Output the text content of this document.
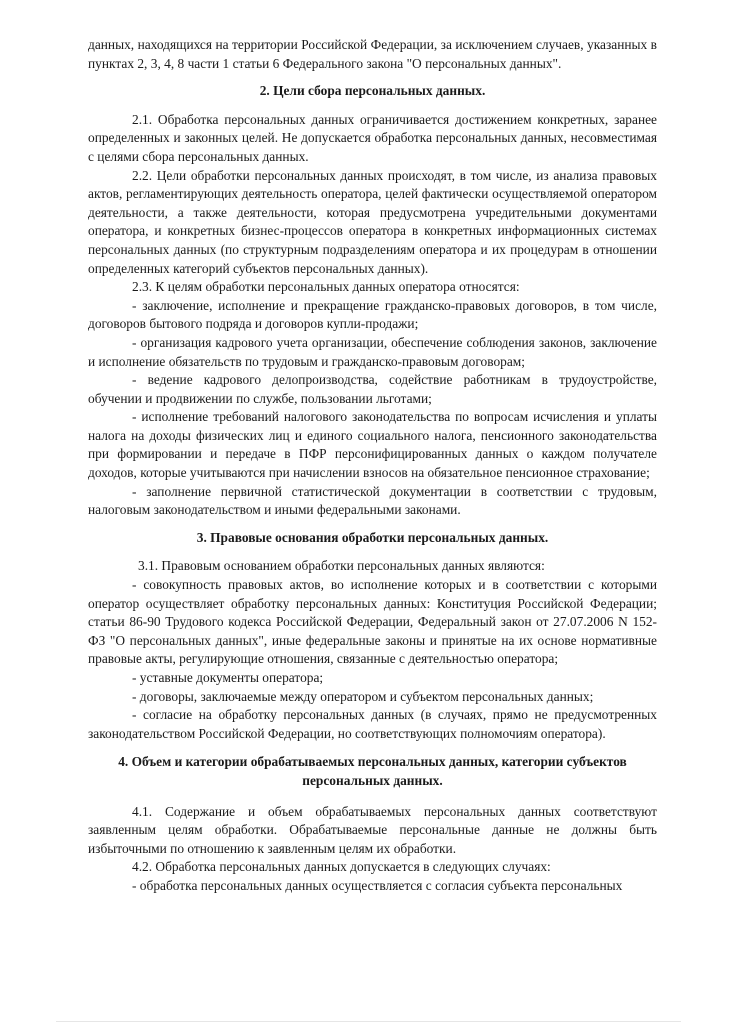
данных, находящихся на территории Российской Федерации, за исключением случаев, указанных в пунктах 2, 3, 4, 8 части 1 статьи 6 Федерального закона "О персональных данных".

2. Цели сбора персональных данных.

2.1. Обработка персональных данных ограничивается достижением конкретных, заранее определенных и законных целей. Не допускается обработка персональных данных, несовместимая с целями сбора персональных данных.

2.2. Цели обработки персональных данных происходят, в том числе, из анализа правовых актов, регламентирующих деятельность оператора, целей фактически осуществляемой оператором деятельности, а также деятельности, которая предусмотрена учредительными документами оператора, и конкретных бизнес-процессов оператора в конкретных информационных системах персональных данных (по структурным подразделениям оператора и их процедурам в отношении определенных категорий субъектов персональных данных).

2.3. К целям обработки персональных данных оператора относятся:

- заключение, исполнение и прекращение гражданско-правовых договоров, в том числе, договоров бытового подряда и договоров купли-продажи;

- организация кадрового учета организации, обеспечение соблюдения законов, заключение и исполнение обязательств по трудовым и гражданско-правовым договорам;

- ведение кадрового делопроизводства, содействие работникам в трудоустройстве, обучении и продвижении по службе, пользовании льготами;

- исполнение требований налогового законодательства по вопросам исчисления и уплаты налога на доходы физических лиц и единого социального налога, пенсионного законодательства при формировании и передаче в ПФР персонифицированных данных о каждом получателе доходов, которые учитываются при начислении взносов на обязательное пенсионное страхование;

- заполнение первичной статистической документации в соответствии с трудовым, налоговым законодательством и иными федеральными законами.

3. Правовые основания обработки персональных данных.

3.1. Правовым основанием обработки персональных данных являются:

- совокупность правовых актов, во исполнение которых и в соответствии с которыми оператор осуществляет обработку персональных данных: Конституция Российской Федерации; статьи 86-90 Трудового кодекса Российской Федерации, Федеральный закон от 27.07.2006 N 152-ФЗ "О персональных данных", иные федеральные законы и принятые на их основе нормативные правовые акты, регулирующие отношения, связанные с деятельностью оператора;

- уставные документы оператора;

- договоры, заключаемые между оператором и субъектом персональных данных;

- согласие на обработку персональных данных (в случаях, прямо не предусмотренных законодательством Российской Федерации, но соответствующих полномочиям оператора).

4. Объем и категории обрабатываемых персональных данных, категории субъектов персональных данных.

4.1. Содержание и объем обрабатываемых персональных данных соответствуют заявленным целям обработки. Обрабатываемые персональные данные не должны быть избыточными по отношению к заявленным целям их обработки.

4.2. Обработка персональных данных допускается в следующих случаях:

- обработка персональных данных осуществляется с согласия субъекта персональных
